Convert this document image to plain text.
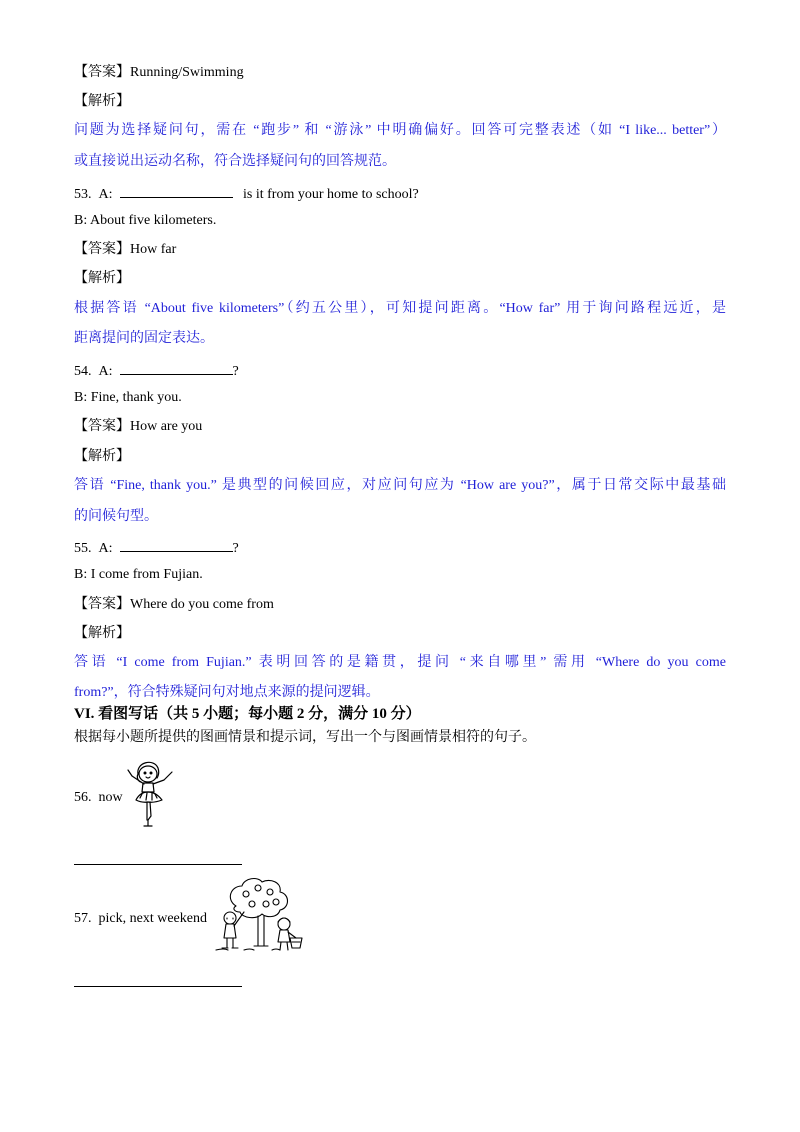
【答案】Running/Swimming
【解析】
问题为选择疑问句，需在 “跑步” 和 “游泳” 中明确偏好。回答可完整表述（如 “I like... better”）
或直接说出运动名称，符合选择疑问句的回答规范。
53. A:	is it from your home to school?
B: About five kilometers.
【答案】How far
【解析】
根据答语 “About five kilometers”（约五公里），可知提问距离。“How far” 用于询问路程远近，是
距离提问的固定表达。
54. A:	?
B: Fine, thank you.
【答案】How are you
【解析】
答语 “Fine, thank you.” 是典型的问候回应，对应问句应为 “How are you?”，属于日常交际中最基础
的问候句型。
55. A:	?
B: I come from Fujian.
【答案】Where do you come from
【解析】
答语 “I come from Fujian.” 表明回答的是籍贯，提问 “来自哪里” 需用 “Where do you come
from?”，符合特殊疑问句对地点来源的提问逻辑。
VI. 看图写话（共 5 小题；每小题 2 分，满分 10 分）
根据每小题所提供的图画情景和提示词，写出一个与图画情景相符的句子。
56. now
57. pick, next weekend
